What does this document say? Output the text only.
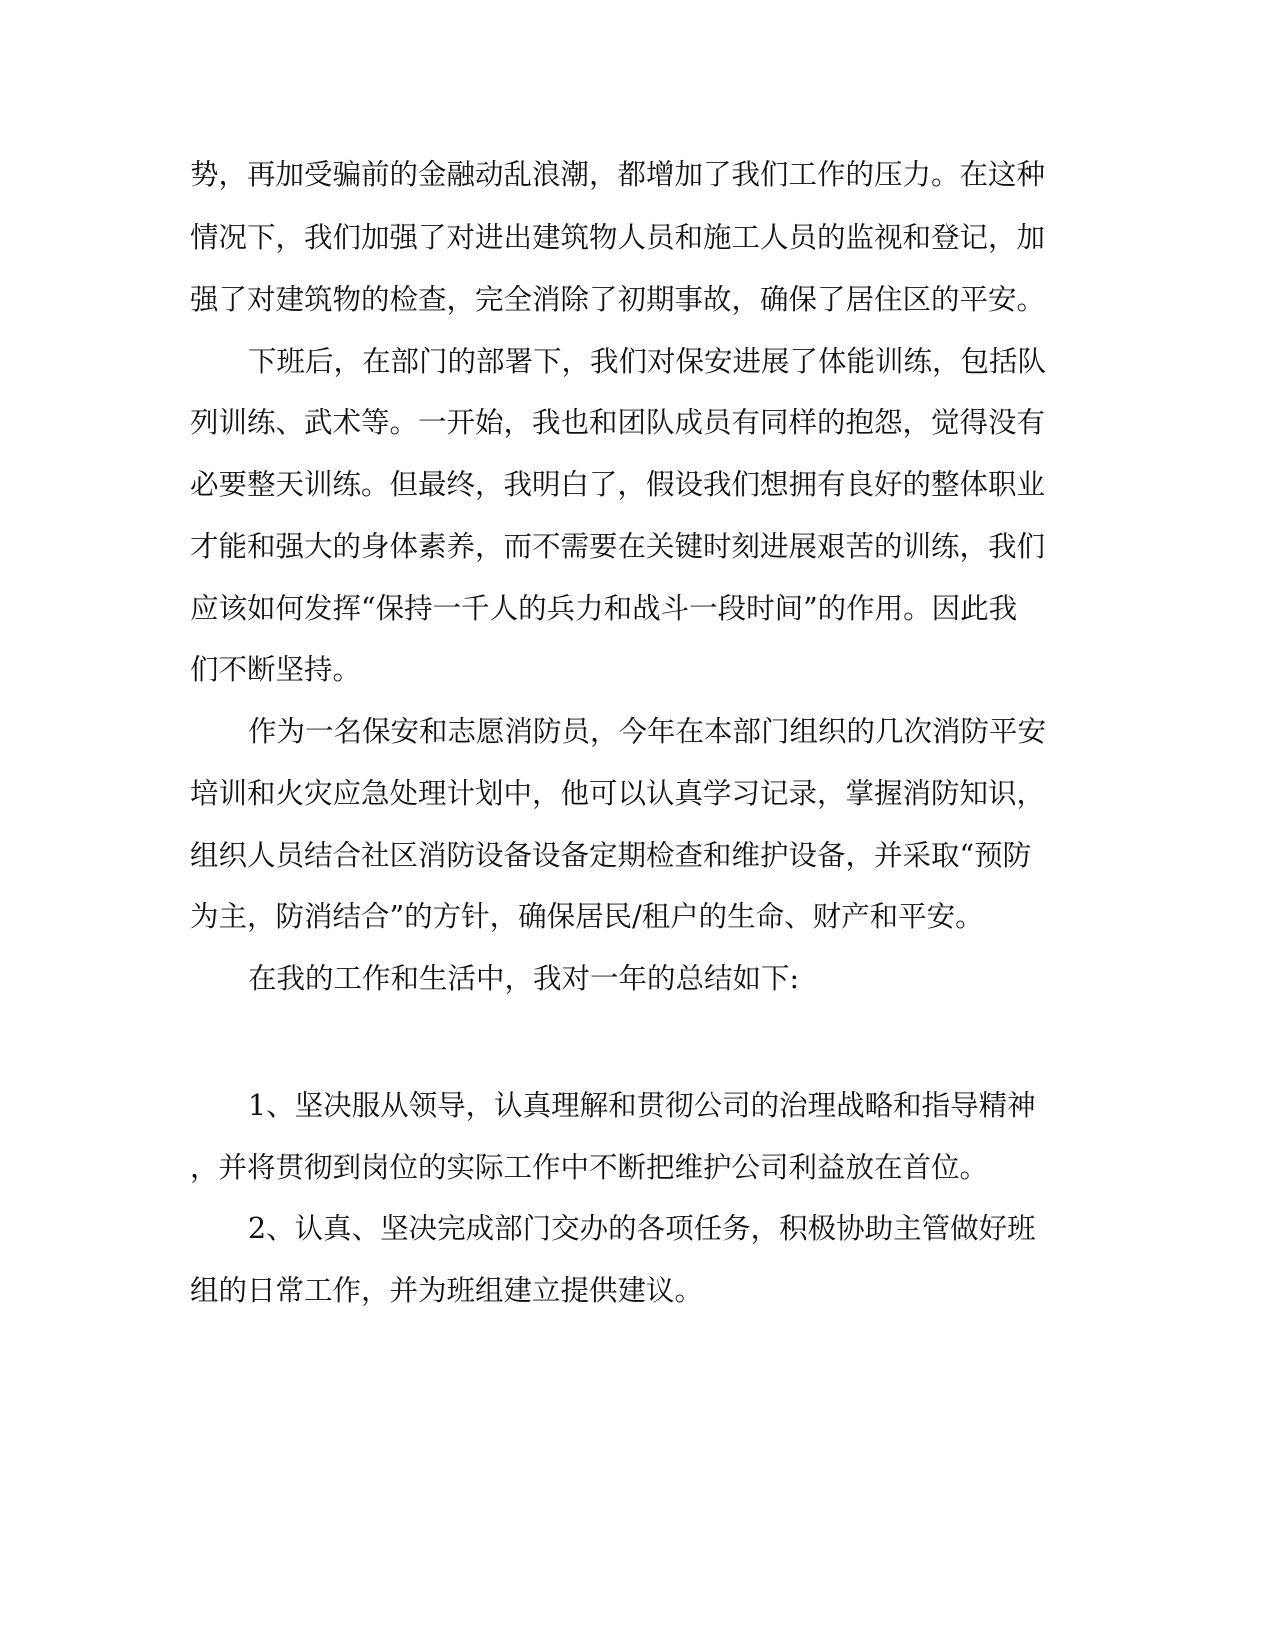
势，再加受骗前的金融动乱浪潮，都增加了我们工作的压力。在这种
情况下，我们加强了对进出建筑物人员和施工人员的监视和登记，加
强了对建筑物的检查，完全消除了初期事故，确保了居住区的平安。
下班后，在部门的部署下，我们对保安进展了体能训练，包括队
列训练、武术等。一开始，我也和团队成员有同样的抱怨，觉得没有
必要整天训练。但最终，我明白了，假设我们想拥有良好的整体职业
才能和强大的身体素养，而不需要在关键时刻进展艰苦的训练，我们
应该如何发挥“保持一千人的兵力和战斗一段时间”的作用。因此我
们不断坚持。
作为一名保安和志愿消防员，今年在本部门组织的几次消防平安
培训和火灾应急处理计划中，他可以认真学习记录，掌握消防知识，
组织人员结合社区消防设备设备定期检查和维护设备，并采取“预防
为主，防消结合”的方针，确保居民/租户的生命、财产和平安。
在我的工作和生活中，我对一年的总结如下:
1、坚决服从领导，认真理解和贯彻公司的治理战略和指导精神
，并将贯彻到岗位的实际工作中不断把维护公司利益放在首位。
2、认真、坚决完成部门交办的各项任务，积极协助主管做好班
组的日常工作，并为班组建立提供建议。
